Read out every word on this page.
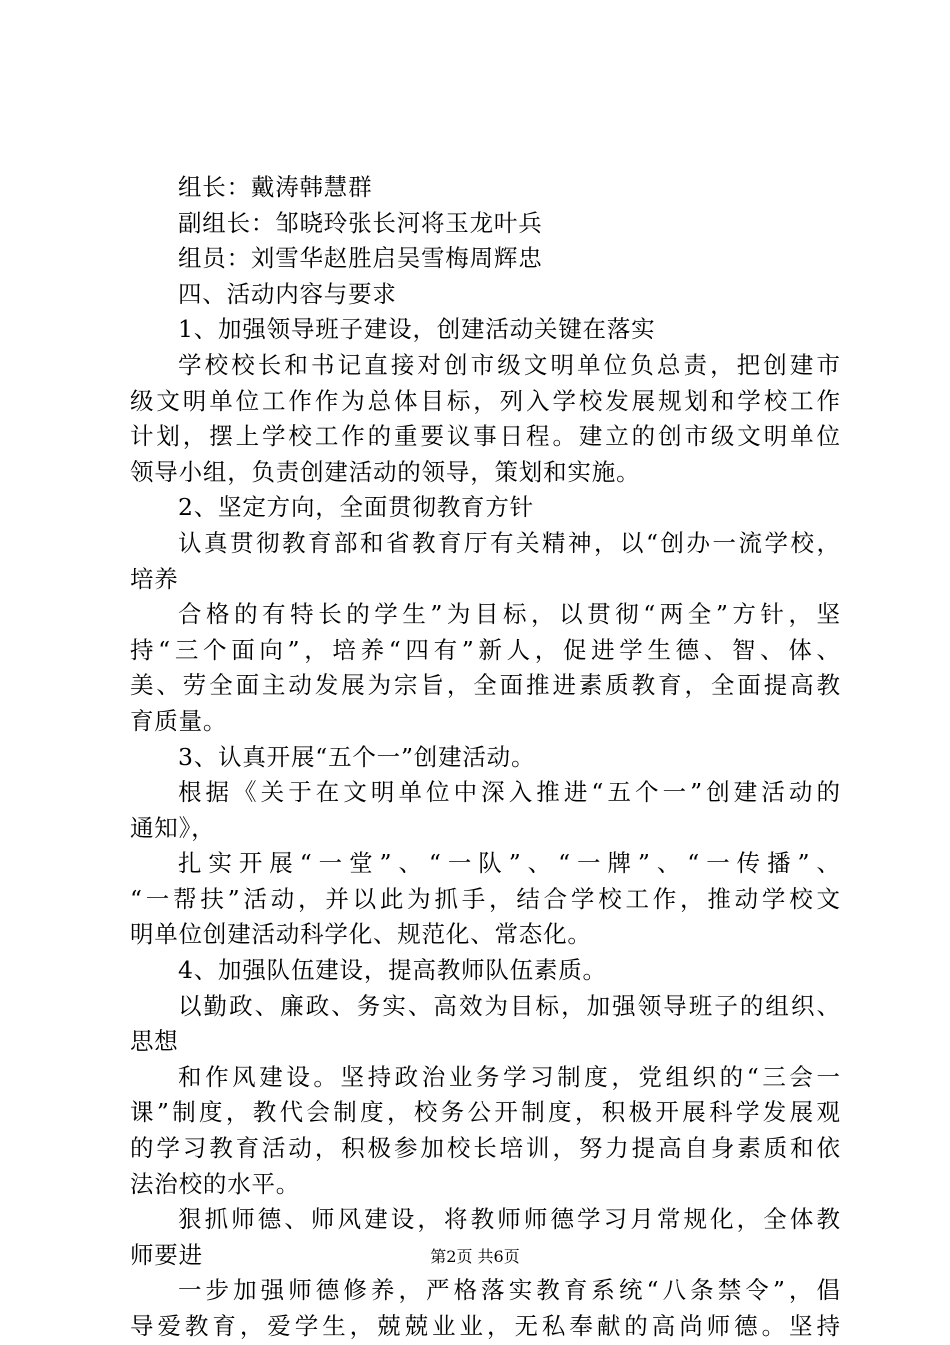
组长：戴涛韩慧群
副组长：邹晓玲张长河将玉龙叶兵
组员：刘雪华赵胜启吴雪梅周辉忠
四、活动内容与要求
1、加强领导班子建设，创建活动关键在落实
学校校长和书记直接对创市级文明单位负总责，把创建市
级文明单位工作作为总体目标，列入学校发展规划和学校工作
计划，摆上学校工作的重要议事日程。建立的创市级文明单位
领导小组，负责创建活动的领导，策划和实施。
2、坚定方向，全面贯彻教育方针
认真贯彻教育部和省教育厅有关精神，以“创办一流学校，
培养
合格的有特长的学生”为目标，以贯彻“两全”方针，坚
持“三个面向”，培养“四有”新人，促进学生德、智、体、
美、劳全面主动发展为宗旨，全面推进素质教育，全面提高教
育质量。
3、认真开展“五个一”创建活动。
根据《关于在文明单位中深入推进“五个一”创建活动的
通知》，
扎实开展“一堂”、“一队”、“一牌”、“一传播”、
“一帮扶”活动，并以此为抓手，结合学校工作，推动学校文
明单位创建活动科学化、规范化、常态化。
4、加强队伍建设，提高教师队伍素质。
以勤政、廉政、务实、高效为目标，加强领导班子的组织、
思想
和作风建设。坚持政治业务学习制度，党组织的“三会一
课”制度，教代会制度，校务公开制度，积极开展科学发展观
的学习教育活动，积极参加校长培训，努力提高自身素质和依
法治校的水平。
狠抓师德、师风建设，将教师师德学习月常规化，全体教
师要进
一步加强师德修养，严格落实教育系统“八条禁令”，倡
导爱教育，爱学生，兢兢业业，无私奉献的高尚师德。坚持
第2页 共6页
